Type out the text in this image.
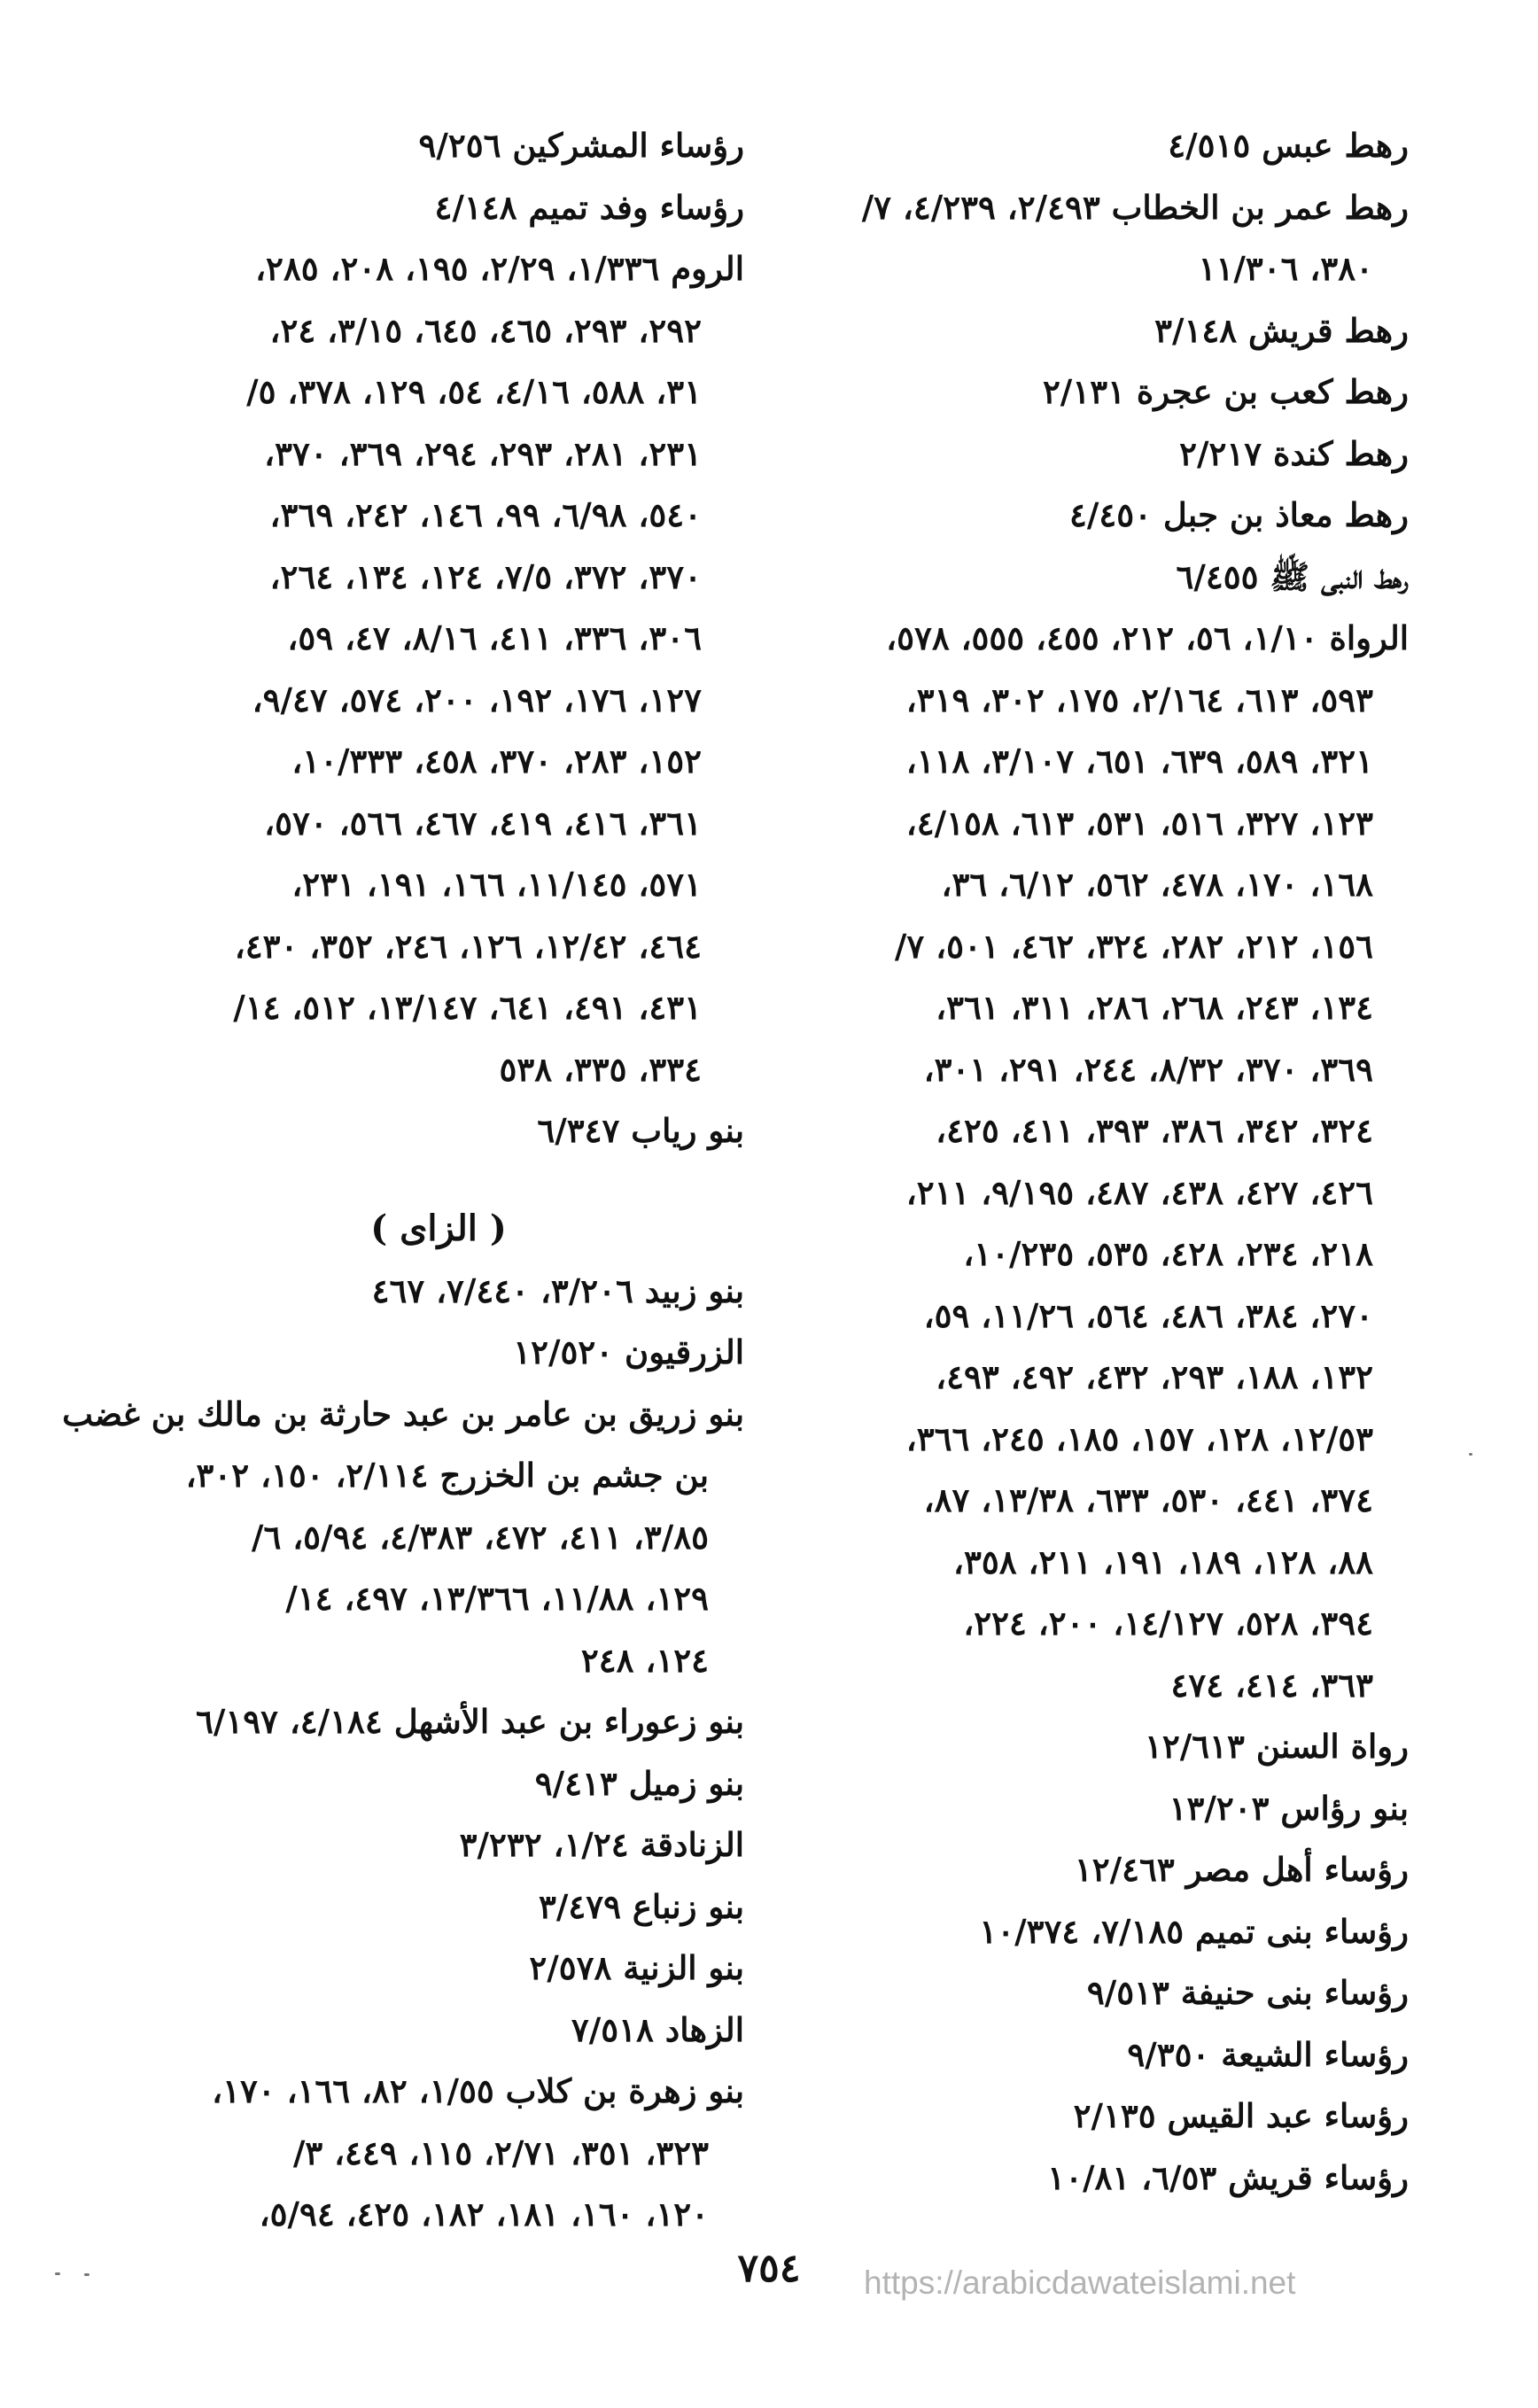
رهط عبس ٤/٥١٥
رهط عمر بن الخطاب ٢/٤٩٣، ٤/٢٣٩، ٧/
٣٨٠، ١١/٣٠٦
رهط قريش ٣/١٤٨
رهط كعب بن عجرة ٢/١٣١
رهط كندة ٢/٢١٧
رهط معاذ بن جبل ٤/٤٥٠
رهط النبى ﷺ ٦/٤٥٥
الرواة ١/١٠، ٥٦، ٢١٢، ٤٥٥، ٥٥٥، ٥٧٨،
٥٩٣، ٦١٣، ٢/١٦٤، ١٧٥، ٣٠٢، ٣١٩،
٣٢١، ٥٨٩، ٦٣٩، ٦٥١، ٣/١٠٧، ١١٨،
١٢٣، ٣٢٧، ٥١٦، ٥٣١، ٦١٣، ٤/١٥٨،
١٦٨، ١٧٠، ٤٧٨، ٥٦٢، ٦/١٢، ٣٦،
١٥٦، ٢١٢، ٢٨٢، ٣٢٤، ٤٦٢، ٥٠١، ٧/
١٣٤، ٢٤٣، ٢٦٨، ٢٨٦، ٣١١، ٣٦١،
٣٦٩، ٣٧٠، ٨/٣٢، ٢٤٤، ٢٩١، ٣٠١،
٣٢٤، ٣٤٢، ٣٨٦، ٣٩٣، ٤١١، ٤٢٥،
٤٢٦، ٤٢٧، ٤٣٨، ٤٨٧، ٩/١٩٥، ٢١١،
٢١٨، ٢٣٤، ٤٢٨، ٥٣٥، ١٠/٢٣٥،
٢٧٠، ٣٨٤، ٤٨٦، ٥٦٤، ١١/٢٦، ٥٩،
١٣٢، ١٨٨، ٢٩٣، ٤٣٢، ٤٩٢، ٤٩٣،
١٢/٥٣، ١٢٨، ١٥٧، ١٨٥، ٢٤٥، ٣٦٦،
٣٧٤، ٤٤١، ٥٣٠، ٦٣٣، ١٣/٣٨، ٨٧،
٨٨، ١٢٨، ١٨٩، ١٩١، ٢١١، ٣٥٨،
٣٩٤، ٥٢٨، ١٤/١٢٧، ٢٠٠، ٢٢٤،
٣٦٣، ٤١٤، ٤٧٤
رواة السنن ١٢/٦١٣
بنو رؤاس ١٣/٢٠٣
رؤساء أهل مصر ١٢/٤٦٣
رؤساء بنى تميم ٧/١٨٥، ١٠/٣٧٤
رؤساء بنى حنيفة ٩/٥١٣
رؤساء الشيعة ٩/٣٥٠
رؤساء عبد القيس ٢/١٣٥
رؤساء قريش ٦/٥٣، ١٠/٨١
رؤساء المشركين ٩/٢٥٦
رؤساء وفد تميم ٤/١٤٨
الروم ١/٣٣٦، ٢/٢٩، ١٩٥، ٢٠٨، ٢٨٥،
٢٩٢، ٢٩٣، ٤٦٥، ٦٤٥، ٣/١٥، ٢٤،
٣١، ٥٨٨، ٤/١٦، ٥٤، ١٢٩، ٣٧٨، ٥/
٢٣١، ٢٨١، ٢٩٣، ٢٩٤، ٣٦٩، ٣٧٠،
٥٤٠، ٦/٩٨، ٩٩، ١٤٦، ٢٤٢، ٣٦٩،
٣٧٠، ٣٧٢، ٧/٥، ١٢٤، ١٣٤، ٢٦٤،
٣٠٦، ٣٣٦، ٤١١، ٨/١٦، ٤٧، ٥٩،
١٢٧، ١٧٦، ١٩٢، ٢٠٠، ٥٧٤، ٩/٤٧،
١٥٢، ٢٨٣، ٣٧٠، ٤٥٨، ١٠/٣٣٣،
٣٦١، ٤١٦، ٤١٩، ٤٦٧، ٥٦٦، ٥٧٠،
٥٧١، ١١/١٤٥، ١٦٦، ١٩١، ٢٣١،
٤٦٤، ١٢/٤٢، ١٢٦، ٢٤٦، ٣٥٢، ٤٣٠،
٤٣١، ٤٩١، ٦٤١، ١٣/١٤٧، ٥١٢، ١٤/
٣٣٤، ٣٣٥، ٥٣٨
بنو رياب ٦/٣٤٧
( الزاى )
بنو زبيد ٣/٢٠٦، ٧/٤٤٠، ٤٦٧
الزرقيون ١٢/٥٢٠
بنو زريق بن عامر بن عبد حارثة بن مالك بن غضب
بن جشم بن الخزرج ٢/١١٤، ١٥٠، ٣٠٢،
٣/٨٥، ٤١١، ٤٧٢، ٤/٣٨٣، ٥/٩٤، ٦/
١٢٩، ١١/٨٨، ١٣/٣٦٦، ٤٩٧، ١٤/
١٢٤، ٢٤٨
بنو زعوراء بن عبد الأشهل ٤/١٨٤، ٦/١٩٧
بنو زميل ٩/٤١٣
الزنادقة ١/٢٤، ٣/٢٣٢
بنو زنباع ٣/٤٧٩
بنو الزنية ٢/٥٧٨
الزهاد ٧/٥١٨
بنو زهرة بن كلاب ١/٥٥، ٨٢، ١٦٦، ١٧٠،
٣٢٣، ٣٥١، ٢/٧١، ١١٥، ٤٤٩، ٣/
١٢٠، ١٦٠، ١٨١، ١٨٢، ٤٢٥، ٥/٩٤،
٧٥٤	https://arabicdawateislami.net
